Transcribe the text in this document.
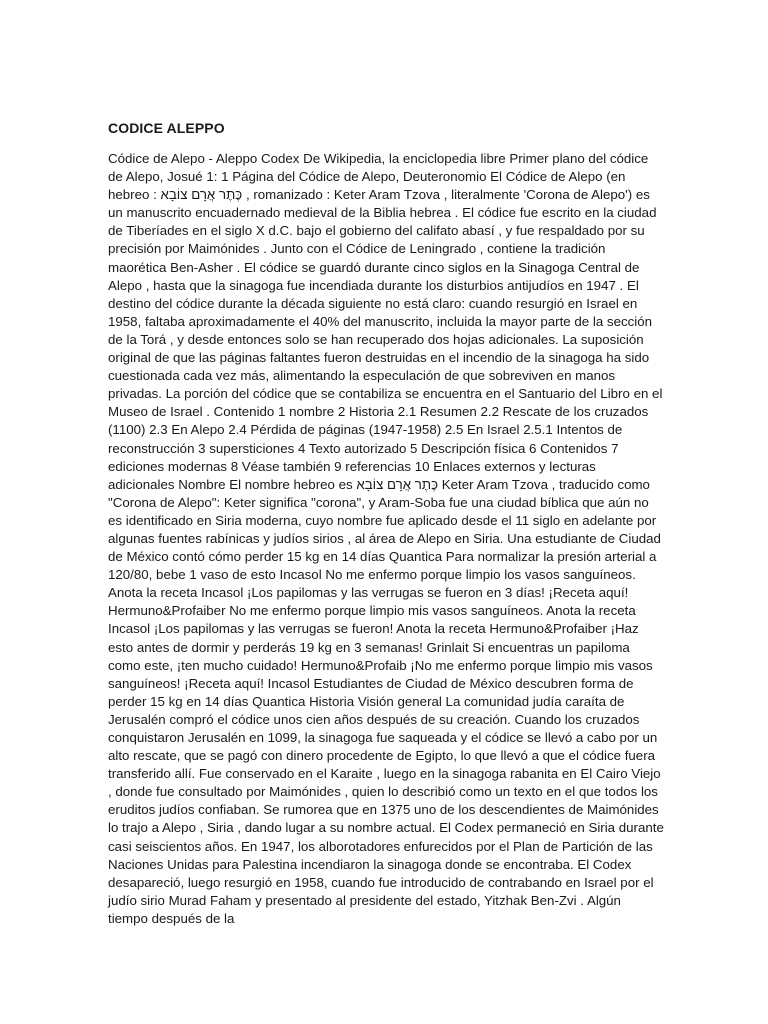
CODICE ALEPPO

Códice de Alepo - Aleppo Codex De Wikipedia, la enciclopedia libre Primer plano del códice de Alepo, Josué 1: 1 Página del Códice de Alepo, Deuteronomio El Códice de Alepo (en hebreo : כֶּתֶר אֲרָם צוֹבָא , romanizado : Keter Aram Tzova , literalmente 'Corona de Alepo') es un manuscrito encuadernado medieval de la Biblia hebrea . El códice fue escrito en la ciudad de Tiberíades en el siglo X d.C. bajo el gobierno del califato abasí , y fue respaldado por su precisión por Maimónides . Junto con el Códice de Leningrado , contiene la tradición maorética Ben-Asher . El códice se guardó durante cinco siglos en la Sinagoga Central de Alepo , hasta que la sinagoga fue incendiada durante los disturbios antijudíos en 1947 . El destino del códice durante la década siguiente no está claro: cuando resurgió en Israel en 1958, faltaba aproximadamente el 40% del manuscrito, incluida la mayor parte de la sección de la Torá , y desde entonces solo se han recuperado dos hojas adicionales. La suposición original de que las páginas faltantes fueron destruidas en el incendio de la sinagoga ha sido cuestionada cada vez más, alimentando la especulación de que sobreviven en manos privadas. La porción del códice que se contabiliza se encuentra en el Santuario del Libro en el Museo de Israel . Contenido 1 nombre 2 Historia 2.1 Resumen 2.2 Rescate de los cruzados (1100) 2.3 En Alepo 2.4 Pérdida de páginas (1947-1958) 2.5 En Israel 2.5.1 Intentos de reconstrucción 3 supersticiones 4 Texto autorizado 5 Descripción física 6 Contenidos 7 ediciones modernas 8 Véase también 9 referencias 10 Enlaces externos y lecturas adicionales Nombre El nombre hebreo es כֶּתֶר אֲרָם צוֹבָא Keter Aram Tzova , traducido como "Corona de Alepo": Keter significa "corona", y Aram-Soba fue una ciudad bíblica que aún no es identificado en Siria moderna, cuyo nombre fue aplicado desde el 11 siglo en adelante por algunas fuentes rabínicas y judíos sirios , al área de Alepo en Siria. Una estudiante de Ciudad de México contó cómo perder 15 kg en 14 días Quantica Para normalizar la presión arterial a 120/80, bebe 1 vaso de esto Incasol No me enfermo porque limpio los vasos sanguíneos. Anota la receta Incasol ¡Los papilomas y las verrugas se fueron en 3 días! ¡Receta aquí! Hermuno&Profaiber No me enfermo porque limpio mis vasos sanguíneos. Anota la receta Incasol ¡Los papilomas y las verrugas se fueron! Anota la receta Hermuno&Profaiber ¡Haz esto antes de dormir y perderás 19 kg en 3 semanas! Grinlait Si encuentras un papiloma como este, ¡ten mucho cuidado! Hermuno&Profaib ¡No me enfermo porque limpio mis vasos sanguíneos! ¡Receta aquí! Incasol Estudiantes de Ciudad de México descubren forma de perder 15 kg en 14 días Quantica Historia Visión general La comunidad judía caraíta de Jerusalén compró el códice unos cien años después de su creación. Cuando los cruzados conquistaron Jerusalén en 1099, la sinagoga fue saqueada y el códice se llevó a cabo por un alto rescate, que se pagó con dinero procedente de Egipto, lo que llevó a que el códice fuera transferido allí. Fue conservado en el Karaite , luego en la sinagoga rabanita en El Cairo Viejo , donde fue consultado por Maimónides , quien lo describió como un texto en el que todos los eruditos judíos confiaban. Se rumorea que en 1375 uno de los descendientes de Maimónides lo trajo a Alepo , Siria , dando lugar a su nombre actual. El Codex permaneció en Siria durante casi seiscientos años. En 1947, los alborotadores enfurecidos por el Plan de Partición de las Naciones Unidas para Palestina incendiaron la sinagoga donde se encontraba. El Codex desapareció, luego resurgió en 1958, cuando fue introducido de contrabando en Israel por el judío sirio Murad Faham y presentado al presidente del estado, Yitzhak Ben-Zvi . Algún tiempo después de la
